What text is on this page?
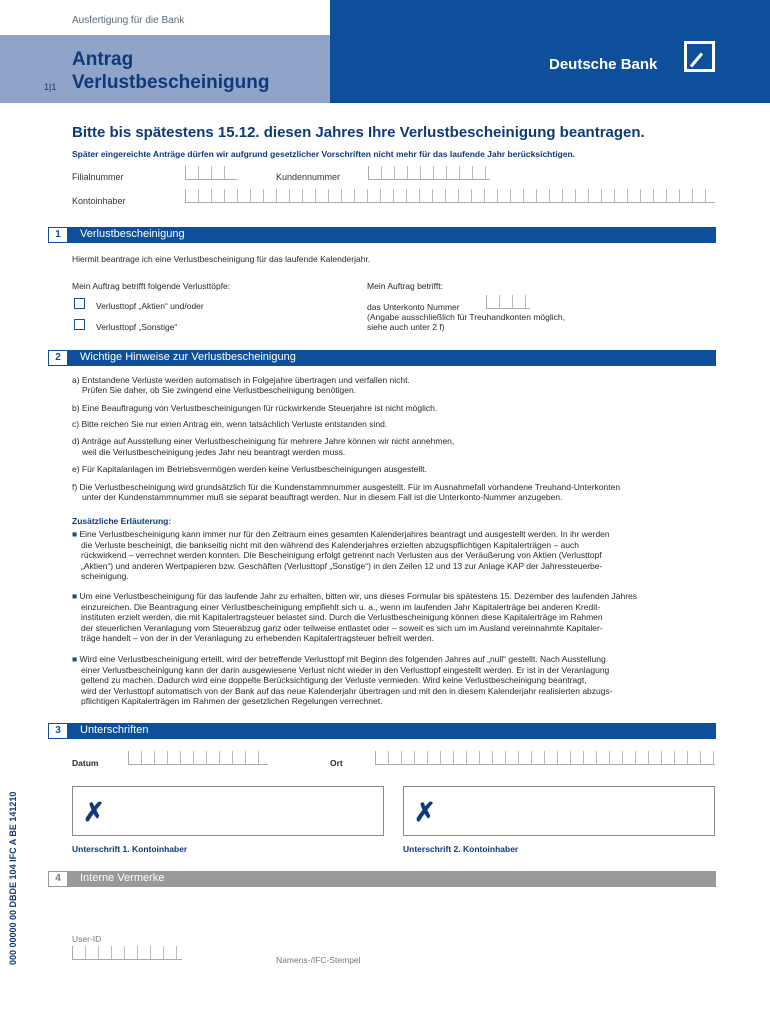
Ausfertigung für die Bank
Antrag
Verlustbescheinigung
1|1
Deutsche Bank
Bitte bis spätestens 15.12. diesen Jahres Ihre Verlustbescheinigung beantragen.
Später eingereichte Anträge dürfen wir aufgrund gesetzlicher Vorschriften nicht mehr für das laufende Jahr berücksichtigen.
Filialnummer	Kundennummer
Kontoinhaber
1	Verlustbescheinigung
Hiermit beantrage ich eine Verlustbescheinigung für das laufende Kalenderjahr.
Mein Auftrag betrifft folgende Verlusttöpfe:
Verlusttopf „Aktien“ und/oder
Verlusttopf „Sonstige“
Mein Auftrag betrifft:
das Unterkonto Nummer
(Angabe ausschließlich für Treuhandkonten möglich,
siehe auch unter 2 f)
2	Wichtige Hinweise zur Verlustbescheinigung
a) Entstandene Verluste werden automatisch in Folgejahre übertragen und verfallen nicht.
Prüfen Sie daher, ob Sie zwingend eine Verlustbescheinigung benötigen.
b) Eine Beauftragung von Verlustbescheinigungen für rückwirkende Steuerjahre ist nicht möglich.
c) Bitte reichen Sie nur einen Antrag ein, wenn tatsächlich Verluste entstanden sind.
d) Anträge auf Ausstellung einer Verlustbescheinigung für mehrere Jahre können wir nicht annehmen,
weil die Verlustbescheinigung jedes Jahr neu beantragt werden muss.
e) Für Kapitalanlagen im Betriebsvermögen werden keine Verlustbescheinigungen ausgestellt.
f) Die Verlustbescheinigung wird grundsätzlich für die Kundenstammnummer ausgestellt. Für im Ausnahmefall vorhandene Treuhand-Unterkonten
unter der Kundenstammnummer muß sie separat beauftragt werden. Nur in diesem Fall ist die Unterkonto-Nummer anzugeben.
Zusätzliche Erläuterung:
■ Eine Verlustbescheinigung kann immer nur für den Zeitraum eines gesamten Kalenderjahres beantragt und ausgestellt werden. In ihr werden
die Verluste bescheinigt, die bankseitig nicht mit den während des Kalenderjahres erzielten abzugspflichtigen Kapitalerträgen – auch
rückwirkend – verrechnet werden konnten. Die Bescheinigung erfolgt getrennt nach Verlusten aus der Veräußerung von Aktien (Verlusttopf
„Aktien“) und anderen Wertpapieren bzw. Geschäften (Verlusttopf „Sonstige“) in den Zeilen 12 und 13 zur Anlage KAP der Jahressteuerbe-
scheinigung.
■ Um eine Verlustbescheinigung für das laufende Jahr zu erhalten, bitten wir, uns dieses Formular bis spätestens 15. Dezember des laufenden Jahres
einzureichen. Die Beantragung einer Verlustbescheinigung empfiehlt sich u. a., wenn im laufenden Jahr Kapitalerträge bei anderen Kredit-
instituten erzielt werden, die mit Kapitalertragsteuer belastet sind. Durch die Verlustbescheinigung können diese Kapitalerträge im Rahmen
der steuerlichen Veranlagung vom Steuerabzug ganz oder teilweise entlastet oder – soweit es sich um im Ausland vereinnahmte Kapitaler-
träge handelt – von der in der Veranlagung zu erhebenden Kapitalertragsteuer befreit werden.
■ Wird eine Verlustbescheinigung erteilt, wird der betreffende Verlusttopf mit Beginn des folgenden Jahres auf „null“ gestellt. Nach Ausstellung
einer Verlustbescheinigung kann der darin ausgewiesene Verlust nicht wieder in den Verlusttopf eingestellt werden. Er ist in der Veranlagung
geltend zu machen. Dadurch wird eine doppelte Berücksichtigung der Verluste vermieden. Wird keine Verlustbescheinigung beantragt,
wird der Verlusttopf automatisch von der Bank auf das neue Kalenderjahr übertragen und mit den in diesem Kalenderjahr realisierten abzugs-
pflichtigen Kapitalerträgen im Rahmen der gesetzlichen Regelungen verrechnet.
3	Unterschriften
Datum	Ort
✗
Unterschrift 1. Kontoinhaber
✗
Unterschrift 2. Kontoinhaber
4	Interne Vermerke
User-ID
Namens-/IFC-Stempel
000 00000 00 DBDE 104 IFC A BE 141210
